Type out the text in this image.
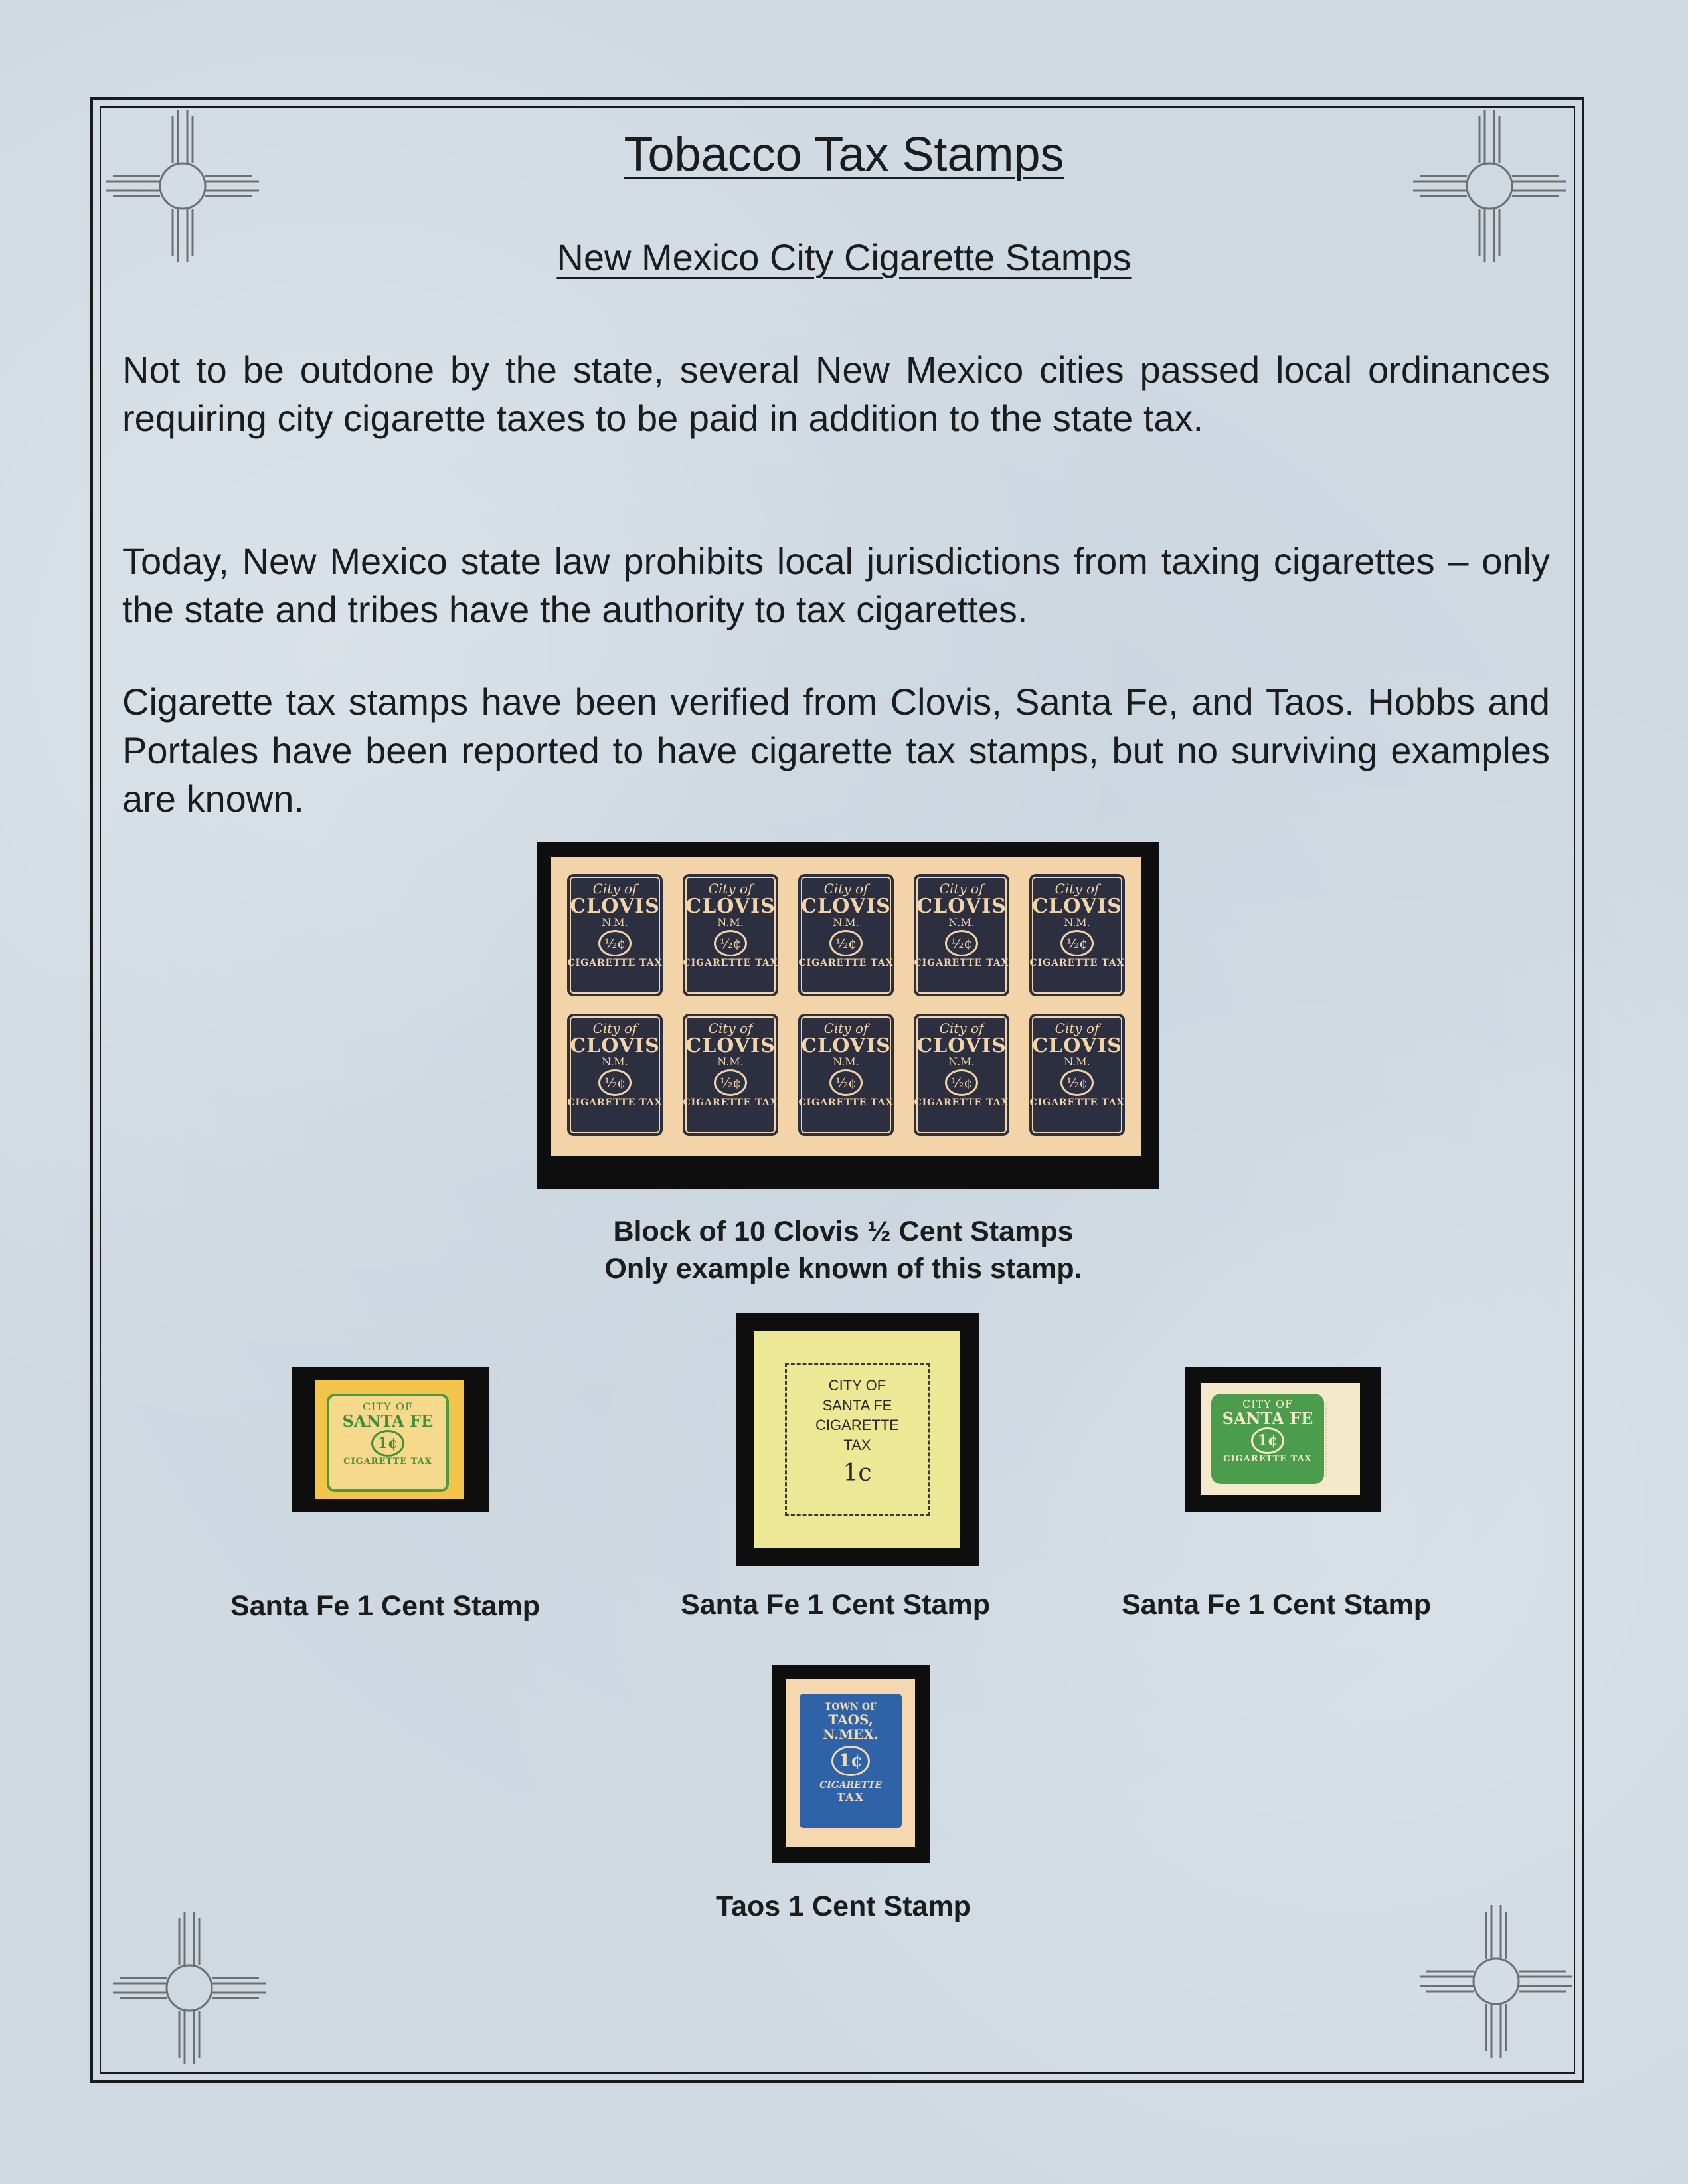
Tobacco Tax Stamps
New Mexico City Cigarette Stamps

Not to be outdone by the state, several New Mexico cities passed local ordinances requiring city cigarette taxes to be paid in addition to the state tax.

Today, New Mexico state law prohibits local jurisdictions from taxing cigarettes – only the state and tribes have the authority to tax cigarettes.

Cigarette tax stamps have been verified from Clovis, Santa Fe, and Taos. Hobbs and Portales have been reported to have cigarette tax stamps, but no surviving examples are known.

City of
CLOVIS
N.M.
½¢
CIGARETTE TAX
City of
CLOVIS
N.M.
½¢
CIGARETTE TAX
City of
CLOVIS
N.M.
½¢
CIGARETTE TAX
City of
CLOVIS
N.M.
½¢
CIGARETTE TAX
City of
CLOVIS
N.M.
½¢
CIGARETTE TAX
City of
CLOVIS
N.M.
½¢
CIGARETTE TAX
City of
CLOVIS
N.M.
½¢
CIGARETTE TAX
City of
CLOVIS
N.M.
½¢
CIGARETTE TAX
City of
CLOVIS
N.M.
½¢
CIGARETTE TAX
City of
CLOVIS
N.M.
½¢
CIGARETTE TAX

Block of 10 Clovis ½ Cent Stamps
Only example known of this stamp.

CITY OF
SANTA FE
1¢
CIGARETTE TAX

Santa Fe 1 Cent Stamp

CITY OF
SANTA FE
CIGARETTE
TAX
1c

Santa Fe 1 Cent Stamp

CITY OF
SANTA FE
1¢
CIGARETTE TAX

Santa Fe 1 Cent Stamp

TOWN OF
TAOS, N.MEX.
1¢
CIGARETTE
TAX

Taos 1 Cent Stamp
